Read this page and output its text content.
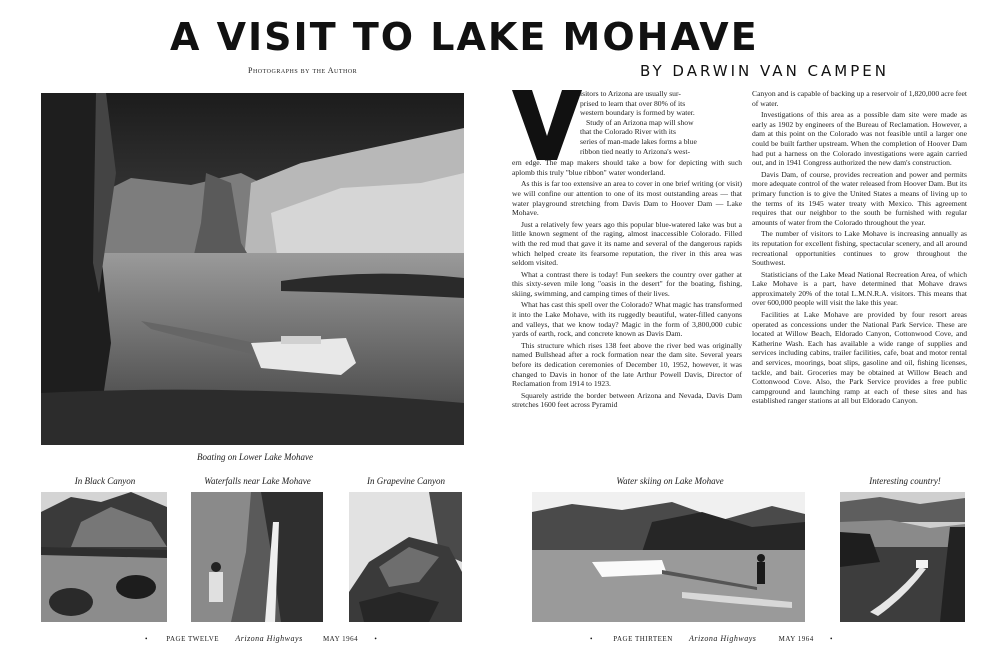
A VISIT TO LAKE MOHAVE
Photographs by the Author	BY DARWIN VAN CAMPEN
Boating on Lower Lake Mohave
isitors to Arizona are usually sur-
prised to learn that over 80% of its
western boundary is formed by water.
Study of an Arizona map will show
that the Colorado River with its
series of man-made lakes forms a blue
ribbon tied neatly to Arizona's west-

ern edge. The map makers should take a bow for depicting with such aplomb this truly "blue ribbon" water wonderland.

As this is far too extensive an area to cover in one brief writing (or visit) we will confine our attention to one of its most outstanding areas — that water playground stretching from Davis Dam to Hoover Dam — Lake Mohave.

Just a relatively few years ago this popular blue-watered lake was but a little known segment of the raging, almost inaccessible Colorado. Filled with the red mud that gave it its name and several of the dangerous rapids which helped create its fearsome reputation, the river in this area was seldom visited.

What a contrast there is today! Fun seekers the country over gather at this sixty-seven mile long "oasis in the desert" for the boating, fishing, skiing, swimming, and camping times of their lives.

What has cast this spell over the Colorado? What magic has transformed it into the Lake Mohave, with its ruggedly beautiful, water-filled canyons and valleys, that we know today? Magic in the form of 3,800,000 cubic yards of earth, rock, and concrete known as Davis Dam.

This structure which rises 138 feet above the river bed was originally named Bullshead after a rock formation near the dam site. Several years before its dedication ceremonies of December 10, 1952, however, it was changed to Davis in honor of the late Arthur Powell Davis, Director of Reclamation from 1914 to 1923.

Squarely astride the border between Arizona and Nevada, Davis Dam stretches 1600 feet across Pyramid

Canyon and is capable of backing up a reservoir of 1,820,000 acre feet of water.

Investigations of this area as a possible dam site were made as early as 1902 by engineers of the Bureau of Reclamation. However, a dam at this point on the Colorado was not feasible until a larger one could be built farther upstream. When the completion of Hoover Dam had put a harness on the Colorado investigations were again carried out, and in 1941 Congress authorized the new dam's construction.

Davis Dam, of course, provides recreation and power and permits more adequate control of the water released from Hoover Dam. But its primary function is to give the United States a means of living up to the terms of its 1945 water treaty with Mexico. This agreement requires that our neighbor to the south be furnished with regular amounts of water from the Colorado throughout the year.

The number of visitors to Lake Mohave is increasing annually as its reputation for excellent fishing, spectacular scenery, and all around recreational opportunities continues to grow throughout the Southwest.

Statisticians of the Lake Mead National Recreation Area, of which Lake Mohave is a part, have determined that Mohave draws approximately 20% of the total L.M.N.R.A. visitors. This means that over 600,000 people will visit the lake this year.

Facilities at Lake Mohave are provided by four resort areas operated as concessions under the National Park Service. These are located at Willow Beach, Eldorado Canyon, Cottonwood Cove, and Katherine Wash. Each has available a wide range of supplies and services including cabins, trailer facilities, cafe, boat and motor rental and services, moorings, boat slips, gasoline and oil, fishing licenses, tackle, and bait. Groceries may be obtained at Willow Beach and Cottonwood Cove. Also, the Park Service provides a free public campground and launching ramp at each of these sites and has established ranger stations at all but Eldorado Canyon.

In Black Canyon	Waterfalls near Lake Mohave	In Grapevine Canyon	Water skiing on Lake Mohave	Interesting country!
•	PAGE TWELVE Arizona Highways	MAY 1964 •	•	PAGE THIRTEEN Arizona Highways	MAY 1964 •
